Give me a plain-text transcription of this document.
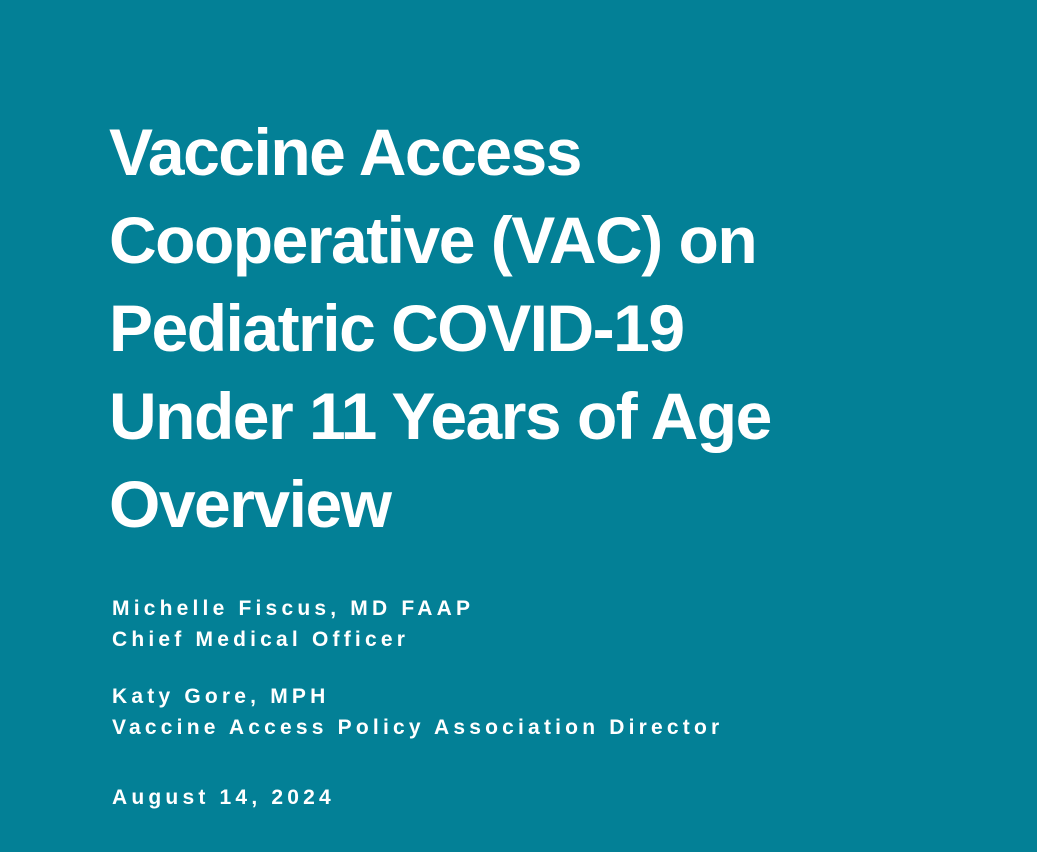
Vaccine Access
Cooperative (VAC) on
Pediatric COVID-19
Under 11 Years of Age
Overview
Michelle Fiscus, MD FAAP
Chief Medical Officer
Katy Gore, MPH
Vaccine Access Policy Association Director
August 14, 2024
